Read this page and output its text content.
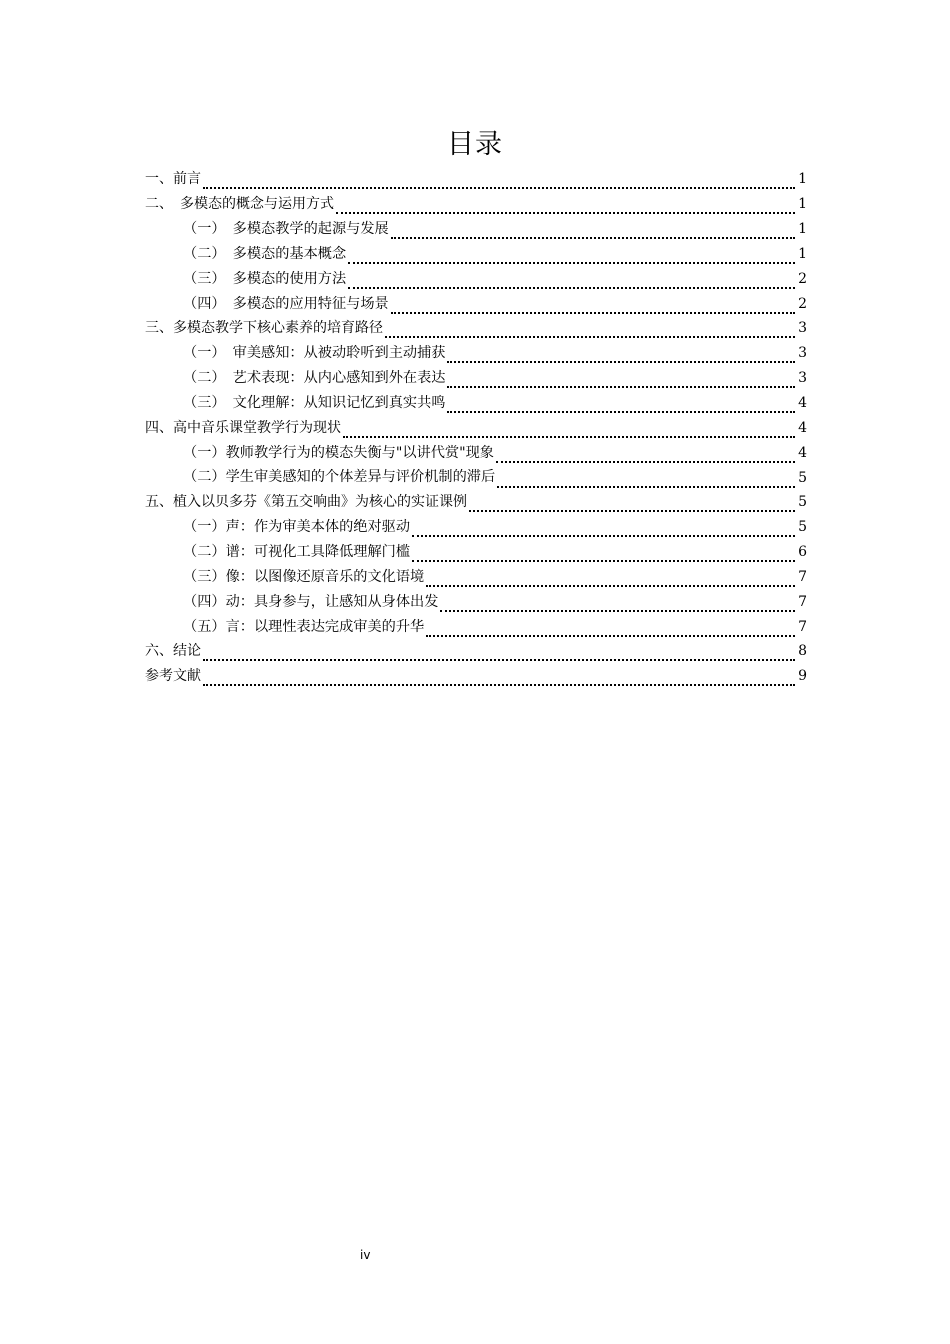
目录
一、前言	1
二、　多模态的概念与运用方式	1
（一）　多模态教学的起源与发展	1
（二）　多模态的基本概念	1
（三）　多模态的使用方法	2
（四）　多模态的应用特征与场景	2
三、多模态教学下核心素养的培育路径	3
（一）　审美感知：从被动聆听到主动捕获	3
（二）　艺术表现：从内心感知到外在表达	3
（三）　文化理解：从知识记忆到真实共鸣	4
四、高中音乐课堂教学行为现状	4
（一）教师教学行为的模态失衡与"以讲代赏"现象	4
（二）学生审美感知的个体差异与评价机制的滞后	5
五、植入以贝多芬《第五交响曲》为核心的实证课例	5
（一）声：作为审美本体的绝对驱动	5
（二）谱：可视化工具降低理解门槛	6
（三）像：以图像还原音乐的文化语境	7
（四）动：具身参与，让感知从身体出发	7
（五）言：以理性表达完成审美的升华	7
六、结论	8
参考文献	9
iv
